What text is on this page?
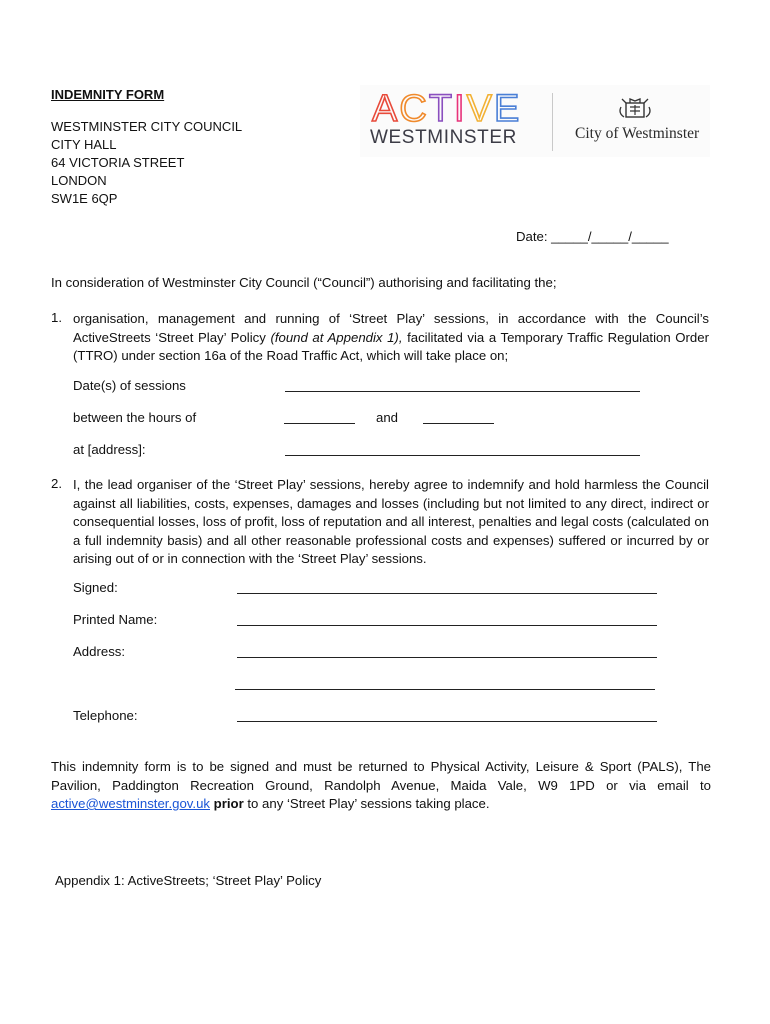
INDEMNITY FORM
WESTMINSTER CITY COUNCIL
CITY HALL
64 VICTORIA STREET
LONDON
SW1E 6QP
ACTIVE
WESTMINSTER	City of Westminster
Date: _____/_____/_____
In consideration of Westminster City Council (“Council”) authorising and facilitating the;
1. organisation, management and running of ‘Street Play’ sessions, in accordance with the Council’s ActiveStreets ‘Street Play’ Policy (found at Appendix 1), facilitated via a Temporary Traffic Regulation Order (TTRO) under section 16a of the Road Traffic Act, which will take place on;
Date(s) of sessions
between the hours of	and
at [address]:
2. I, the lead organiser of the ‘Street Play’ sessions, hereby agree to indemnify and hold harmless the Council against all liabilities, costs, expenses, damages and losses (including but not limited to any direct, indirect or consequential losses, loss of profit, loss of reputation and all interest, penalties and legal costs (calculated on a full indemnity basis) and all other reasonable professional costs and expenses) suffered or incurred by or arising out of or in connection with the ‘Street Play’ sessions.
Signed:
Printed Name:
Address:
Telephone:
This indemnity form is to be signed and must be returned to Physical Activity, Leisure & Sport (PALS), The Pavilion, Paddington Recreation Ground, Randolph Avenue, Maida Vale, W9 1PD or via email to active@westminster.gov.uk prior to any ‘Street Play’ sessions taking place.
Appendix 1: ActiveStreets; ‘Street Play’ Policy
